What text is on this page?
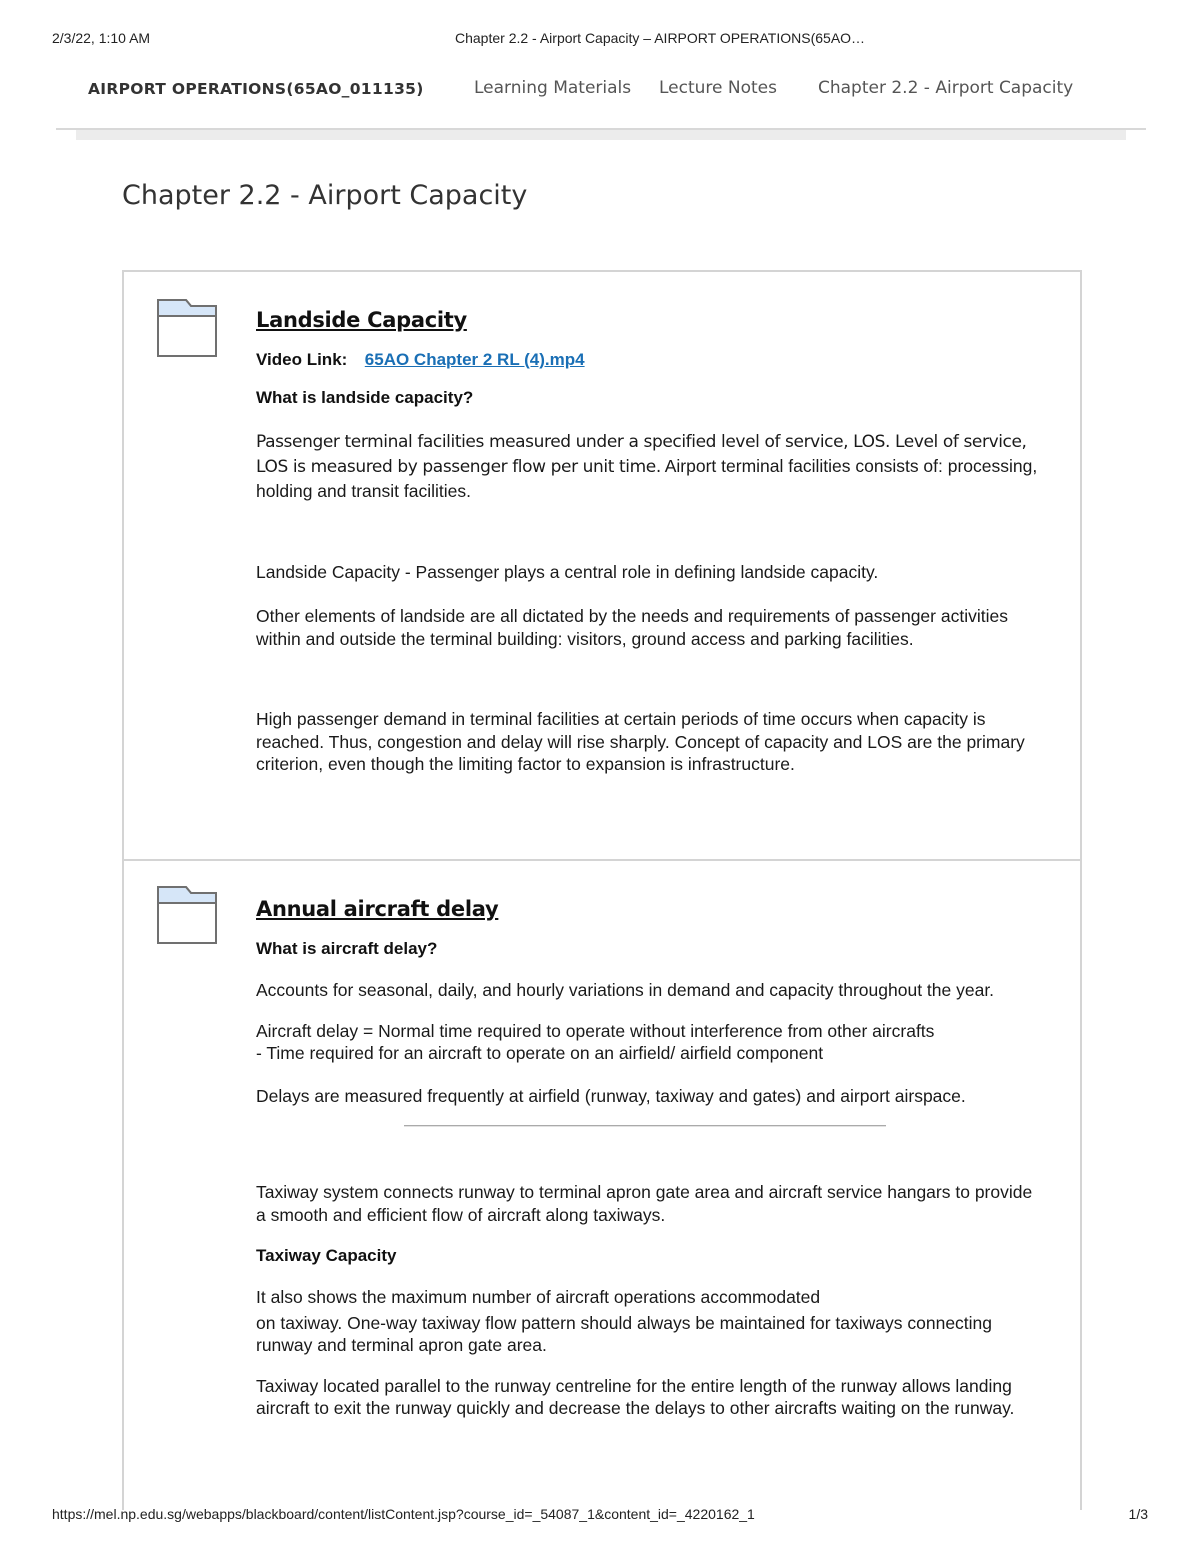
2/3/22, 1:10 AM	Chapter 2.2 - Airport Capacity – AIRPORT OPERATIONS(65AO…
AIRPORT OPERATIONS(65AO_011135)	Learning Materials Lecture Notes Chapter 2.2 - Airport Capacity
Chapter 2.2 - Airport Capacity
Landside Capacity
Video Link: 65AO Chapter 2 RL (4).mp4
What is landside capacity?
Passenger terminal facilities measured under a specified level of service, LOS. Level of service, LOS is measured by passenger flow per unit time. Airport terminal facilities consists of: processing, holding and transit facilities.
Landside Capacity - Passenger plays a central role in defining landside capacity.
Other elements of landside are all dictated by the needs and requirements of passenger activities within and outside the terminal building: visitors, ground access and parking facilities.
High passenger demand in terminal facilities at certain periods of time occurs when capacity is reached. Thus, congestion and delay will rise sharply. Concept of capacity and LOS are the primary criterion, even though the limiting factor to expansion is infrastructure.
Annual aircraft delay
What is aircraft delay?
Accounts for seasonal, daily, and hourly variations in demand and capacity throughout the year.
Aircraft delay = Normal time required to operate without interference from other aircrafts
- Time required for an aircraft to operate on an airfield/ airfield component
Delays are measured frequently at airfield (runway, taxiway and gates) and airport airspace.
Taxiway system connects runway to terminal apron gate area and aircraft service hangars to provide a smooth and efficient flow of aircraft along taxiways.
Taxiway Capacity
It also shows the maximum number of aircraft operations accommodated
on taxiway. One-way taxiway flow pattern should always be maintained for taxiways connecting runway and terminal apron gate area.
Taxiway located parallel to the runway centreline for the entire length of the runway allows landing aircraft to exit the runway quickly and decrease the delays to other aircrafts waiting on the runway.
https://mel.np.edu.sg/webapps/blackboard/content/listContent.jsp?course_id=_54087_1&content_id=_4220162_1	1/3
